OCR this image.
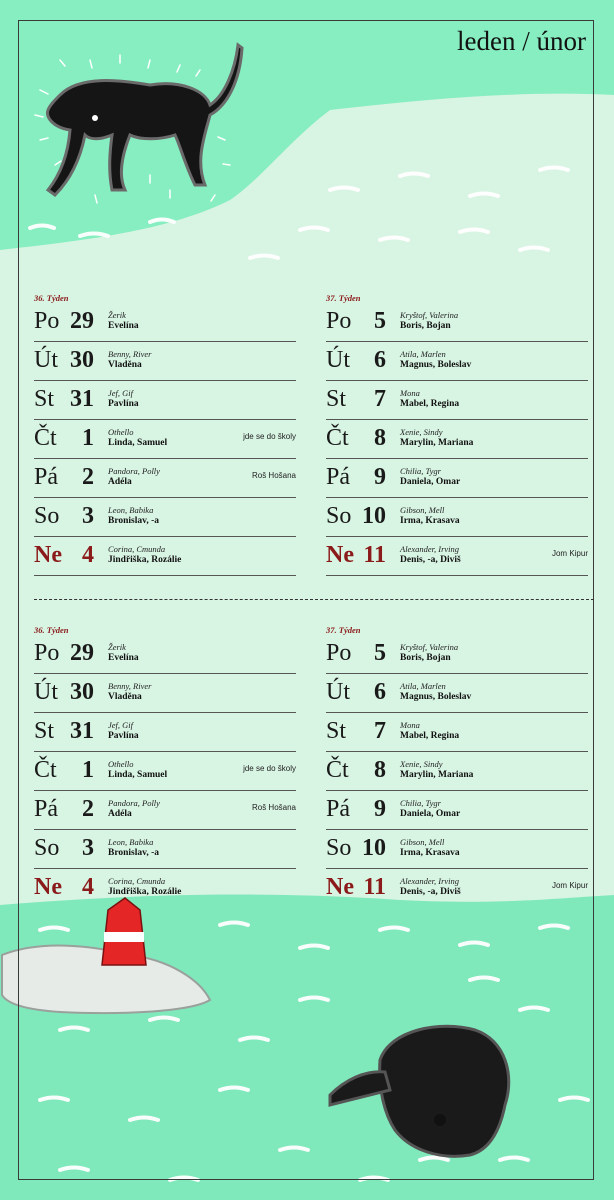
leden / únor
36. Týden
Po 29 Žerik
Evelína
Út 30 Benny, River
Vladěna
St 31 Jef, Gif
Pavlína
Čt	1 Othello
Linda, Samuel
jde se do školy
Pá	2 Pandora, Polly
Adéla
Roš Hošana
So 3 Leon, Babika
Bronislav, -a
Ne 4 Corina, Cmunda
Jindřiška, Rozálie
37. Týden
Po 5 Kryštof, Valerina
Boris, Bojan
Út	6 Atila, Marlen
Magnus, Boleslav
St	7 Mona
Mabel, Regina
Čt	8 Xenie, Sindy
Marylin, Mariana
Pá	9 Chilia, Tygr
Daniela, Omar
So 10 Gibson, Mell
Irma, Krasava
Ne 11 Alexander, Irving
Denis, -a, Diviš
Jom Kipur
36. Týden
Po 29 Žerik
Evelína
Út 30 Benny, River
Vladěna
St 31 Jef, Gif
Pavlína
Čt	1 Othello
Linda, Samuel
jde se do školy
Pá	2 Pandora, Polly
Adéla
Roš Hošana
So 3 Leon, Babika
Bronislav, -a
Ne 4 Corina, Cmunda
Jindřiška, Rozálie
37. Týden
Po 5 Kryštof, Valerina
Boris, Bojan
Út	6 Atila, Marlen
Magnus, Boleslav
St	7 Mona
Mabel, Regina
Čt	8 Xenie, Sindy
Marylin, Mariana
Pá	9 Chilia, Tygr
Daniela, Omar
So 10 Gibson, Mell
Irma, Krasava
Ne 11 Alexander, Irving
Denis, -a, Diviš
Jom Kipur
